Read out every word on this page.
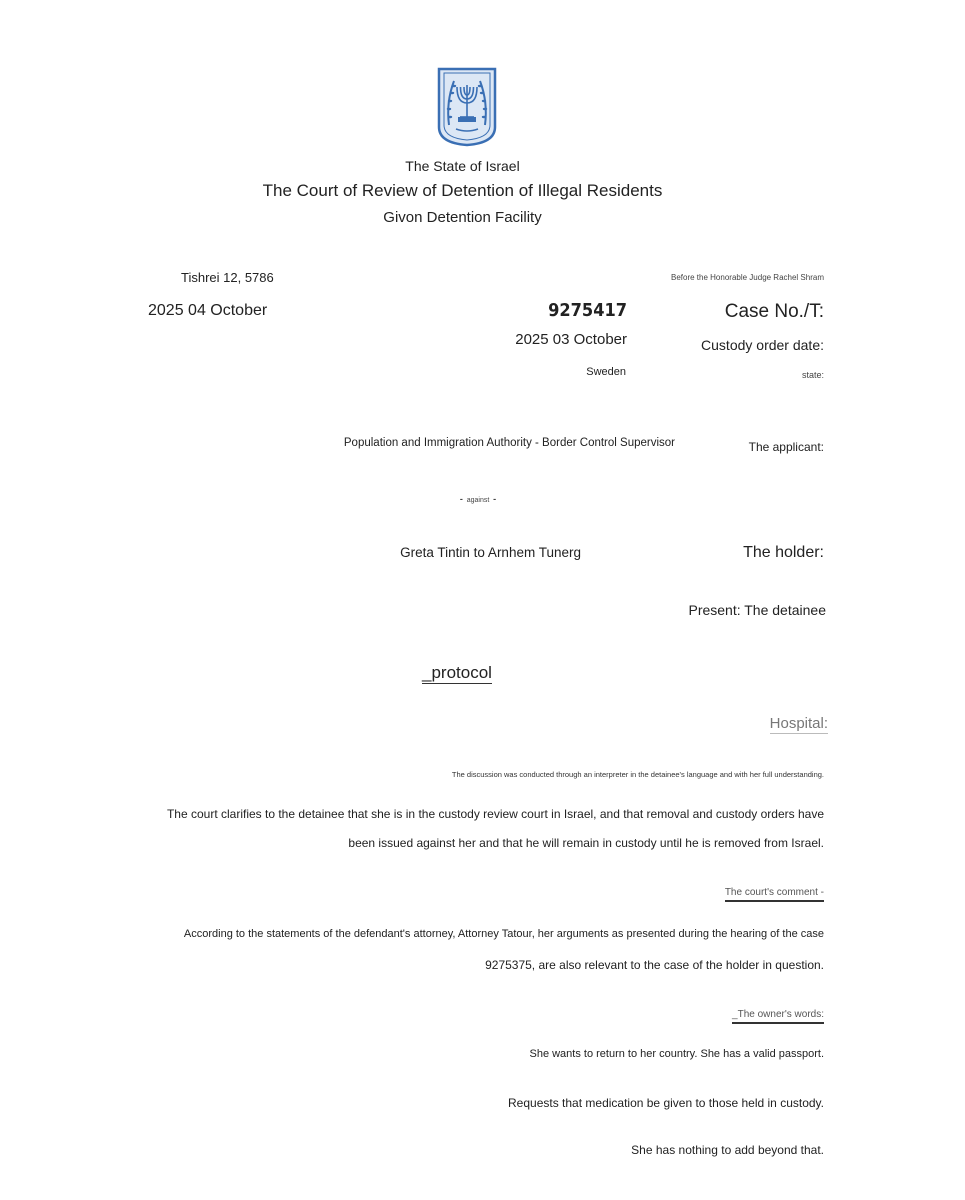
The State of Israel
The Court of Review of Detention of Illegal Residents
Givon Detention Facility
Tishrei 12, 5786	Before the Honorable Judge Rachel Shram
2025 04 October	9275417	Case No./T:
2025 03 October	Custody order date:
Sweden	state:
Population and Immigration Authority - Border Control Supervisor	The applicant:
- against -
Greta Tintin to Arnhem Tunerg	The holder:
Present: The detainee
_protocol
Hospital:
The discussion was conducted through an interpreter in the detainee's language and with her full understanding.
The court clarifies to the detainee that she is in the custody review court in Israel, and that removal and custody orders have
been issued against her and that he will remain in custody until he is removed from Israel.
The court's comment -
According to the statements of the defendant's attorney, Attorney Tatour, her arguments as presented during the hearing of the case
9275375, are also relevant to the case of the holder in question.
_The owner's words:
She wants to return to her country. She has a valid passport.
Requests that medication be given to those held in custody.
She has nothing to add beyond that.
